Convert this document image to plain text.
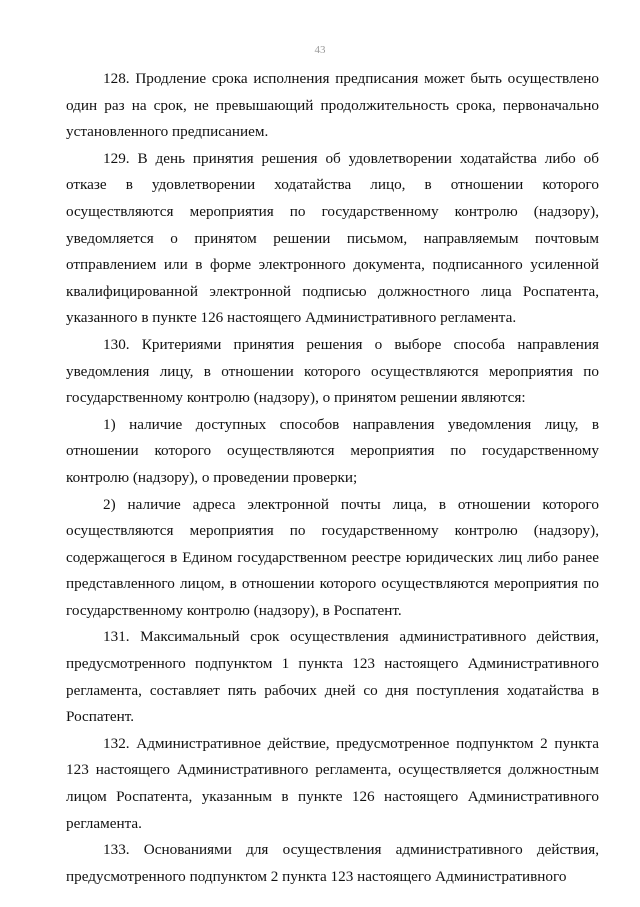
43

128. Продление срока исполнения предписания может быть осуществлено один раз на срок, не превышающий продолжительность срока, первоначально установленного предписанием.

129. В день принятия решения об удовлетворении ходатайства либо об отказе в удовлетворении ходатайства лицо, в отношении которого осуществляются мероприятия по государственному контролю (надзору), уведомляется о принятом решении письмом, направляемым почтовым отправлением или в форме электронного документа, подписанного усиленной квалифицированной электронной подписью должностного лица Роспатента, указанного в пункте 126 настоящего Административного регламента.

130. Критериями принятия решения о выборе способа направления уведомления лицу, в отношении которого осуществляются мероприятия по государственному контролю (надзору), о принятом решении являются:

1) наличие доступных способов направления уведомления лицу, в отношении которого осуществляются мероприятия по государственному контролю (надзору), о проведении проверки;

2) наличие адреса электронной почты лица, в отношении которого осуществляются мероприятия по государственному контролю (надзору), содержащегося в Едином государственном реестре юридических лиц либо ранее представленного лицом, в отношении которого осуществляются мероприятия по государственному контролю (надзору), в Роспатент.

131. Максимальный срок осуществления административного действия, предусмотренного подпунктом 1 пункта 123 настоящего Административного регламента, составляет пять рабочих дней со дня поступления ходатайства в Роспатент.

132. Административное действие, предусмотренное подпунктом 2 пункта 123 настоящего Административного регламента, осуществляется должностным лицом Роспатента, указанным в пункте 126 настоящего Административного регламента.

133. Основаниями для осуществления административного действия, предусмотренного подпунктом 2 пункта 123 настоящего Административного
